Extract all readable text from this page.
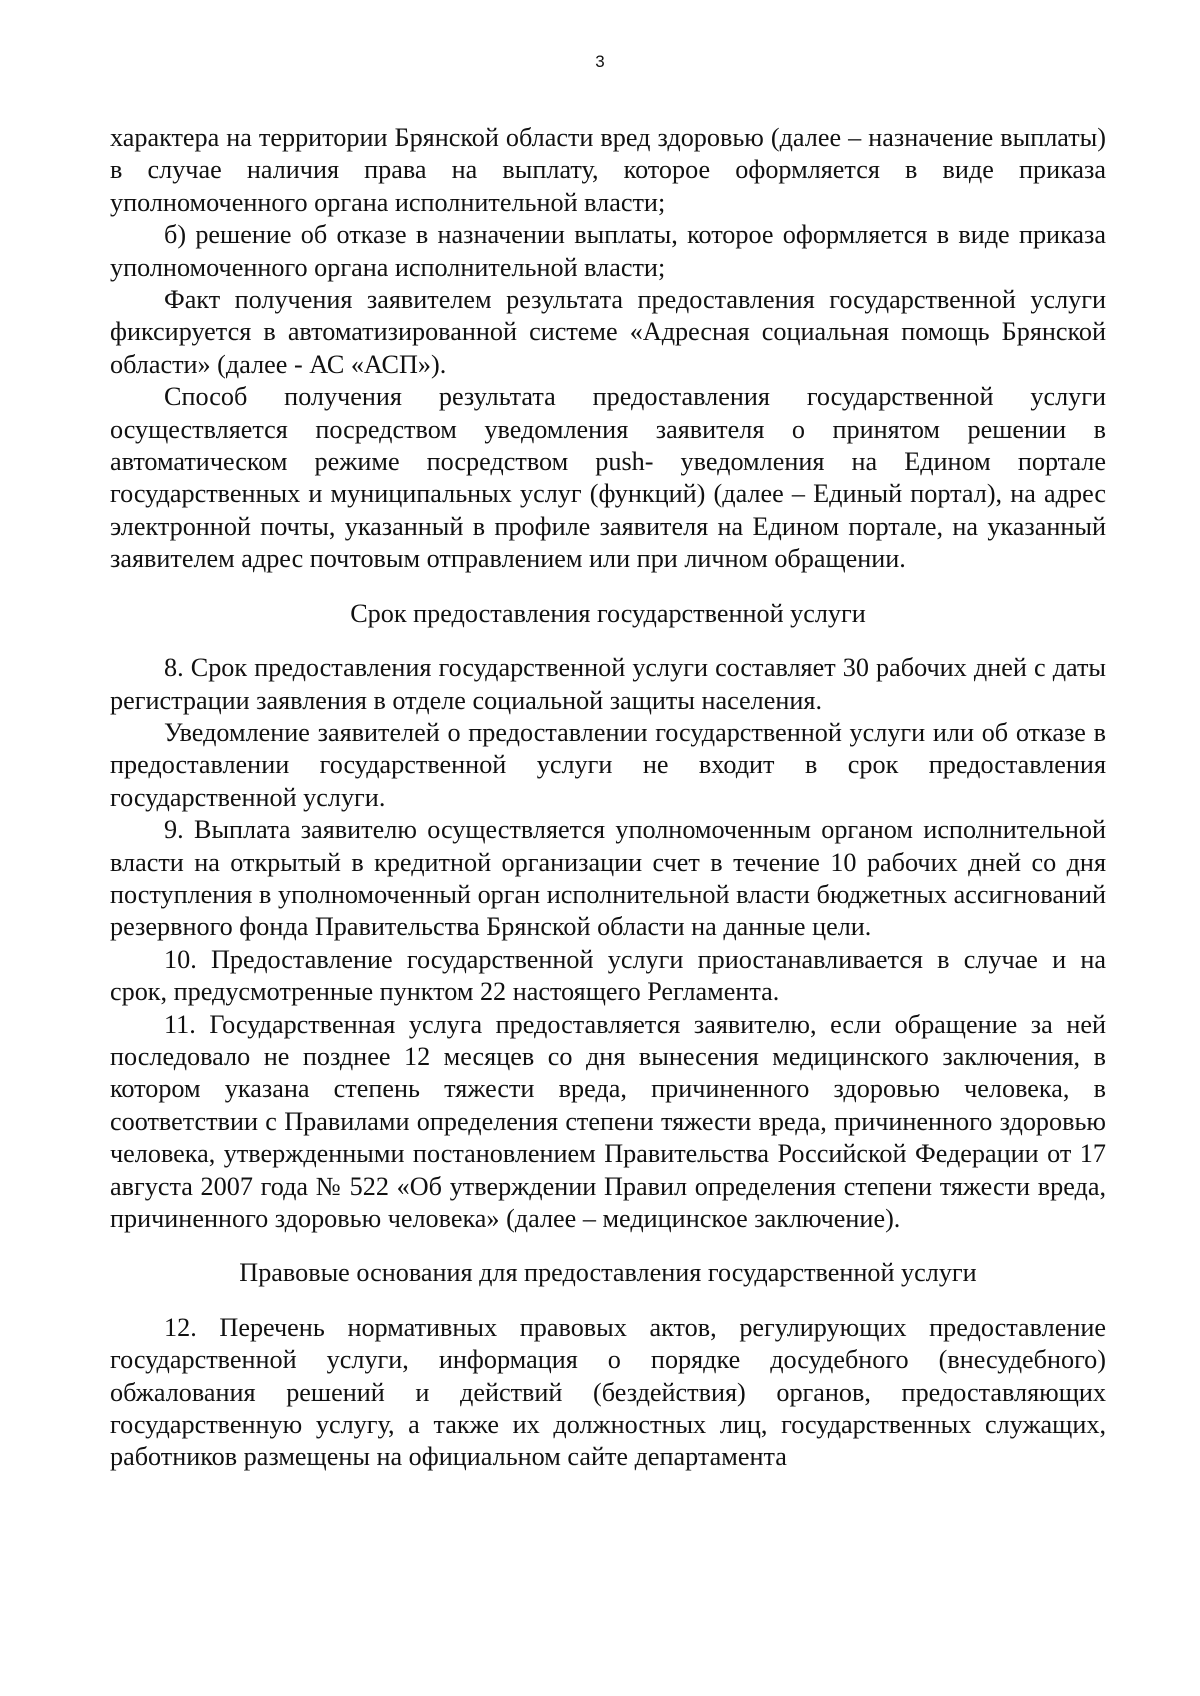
3

характера на территории Брянской области вред здоровью (далее – назначение выплаты) в случае наличия права на выплату, которое оформляется в виде приказа уполномоченного органа исполнительной власти;

б) решение об отказе в назначении выплаты, которое оформляется в виде приказа уполномоченного органа исполнительной власти;

Факт получения заявителем результата предоставления государственной услуги фиксируется в автоматизированной системе «Адресная социальная помощь Брянской области» (далее - АС «АСП»).

Способ получения результата предоставления государственной услуги осуществляется посредством уведомления заявителя о принятом решении в автоматическом режиме посредством push- уведомления на Едином портале государственных и муниципальных услуг (функций) (далее – Единый портал), на адрес электронной почты, указанный в профиле заявителя на Едином портале, на указанный заявителем адрес почтовым отправлением или при личном обращении.

Срок предоставления государственной услуги

8. Срок предоставления государственной услуги составляет 30 рабочих дней с даты регистрации заявления в отделе социальной защиты населения.

Уведомление заявителей о предоставлении государственной услуги или об отказе в предоставлении государственной услуги не входит в срок предоставления государственной услуги.

9. Выплата заявителю осуществляется уполномоченным органом исполнительной власти на открытый в кредитной организации счет в течение 10 рабочих дней со дня поступления в уполномоченный орган исполнительной власти бюджетных ассигнований резервного фонда Правительства Брянской области на данные цели.

10. Предоставление государственной услуги приостанавливается в случае и на срок, предусмотренные пунктом 22 настоящего Регламента.

11. Государственная услуга предоставляется заявителю, если обращение за ней последовало не позднее 12 месяцев со дня вынесения медицинского заключения, в котором указана степень тяжести вреда, причиненного здоровью человека, в соответствии с Правилами определения степени тяжести вреда, причиненного здоровью человека, утвержденными постановлением Правительства Российской Федерации от 17 августа 2007 года № 522 «Об утверждении Правил определения степени тяжести вреда, причиненного здоровью человека» (далее – медицинское заключение).

Правовые основания для предоставления государственной услуги

12. Перечень нормативных правовых актов, регулирующих предоставление государственной услуги, информация о порядке досудебного (внесудебного) обжалования решений и действий (бездействия) органов, предоставляющих государственную услугу, а также их должностных лиц, государственных служащих, работников размещены на официальном сайте департамента
